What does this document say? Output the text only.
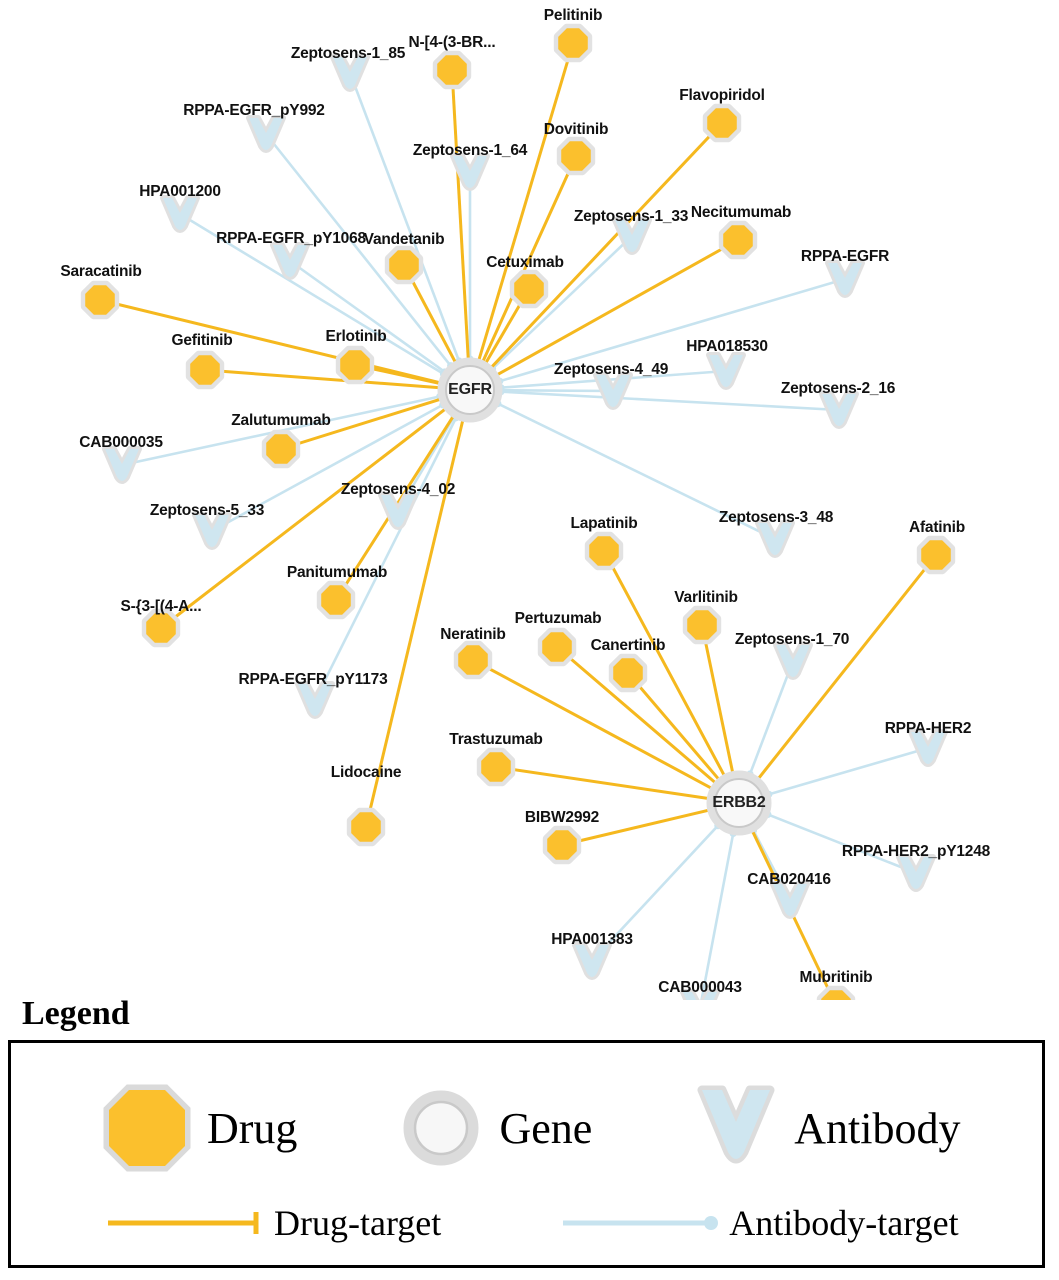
Pelitinib
N-[4-(3-BR...
Flavopiridol
Dovitinib
Necitumumab
Vandetanib
Cetuximab
Saracatinib
Gefitinib	Erlotinib
Zalutumumab
Panitumumab
S-{3-[(4-A...
Lidocaine
Lapatinib	Afatinib
Varlitinib
Pertuzumab
Canertinib
Neratinib
Trastuzumab
BIBW2992
Mubritinib
Zeptosens-1_85
RPPA-EGFR_pY992
Zeptosens-1_64
HPA001200
Zeptosens-1_33
RPPA-EGFR_pY1068
RPPA-EGFR
HPA018530
Zeptosens-4_49
Zeptosens-2_16
CAB000035
Zeptosens-5_33
Zeptosens-4_02
Zeptosens-3_48
RPPA-EGFR_pY1173
Zeptosens-1_70
RPPA-HER2
RPPA-HER2_pY1248
CAB020416
HPA001383
CAB000043
EGFR
ERBB2
Legend
Drug	Gene	Antibody
Drug-target	Antibody-target
